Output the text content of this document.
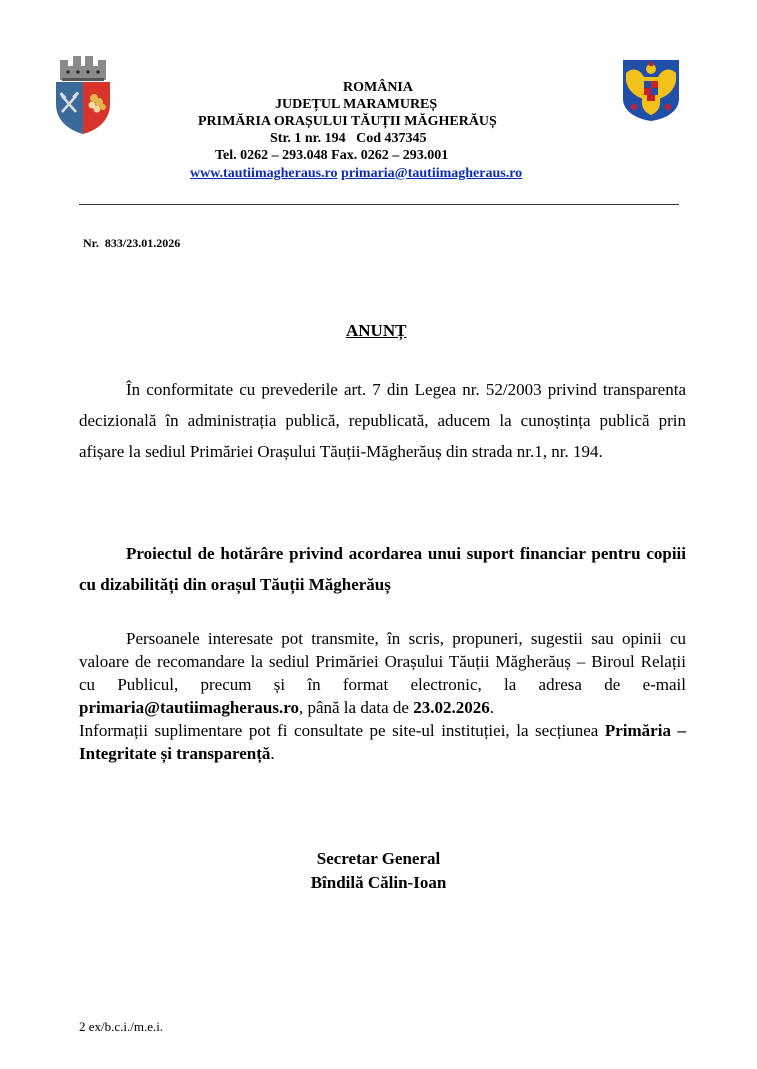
ROMÂNIA
JUDEȚUL MARAMUREȘ
PRIMĂRIA ORAȘULUI TĂUȚII MĂGHERĂUȘ
Str. 1 nr. 194   Cod 437345
Tel. 0262 – 293.048 Fax. 0262 – 293.001
www.tautiimagheraus.ro primaria@tautiimagheraus.ro
Nr.  833/23.01.2026
ANUNȚ
În conformitate cu prevederile art. 7 din Legea nr. 52/2003 privind transparenta decizională în administrația publică, republicată, aducem la cunoștința publică prin afișare la sediul Primăriei Orașului Tăuții-Măgherăuș din strada nr.1, nr. 194.
Proiectul de hotărâre privind acordarea unui suport financiar pentru copiii cu dizabilități din orașul Tăuții Măgherăuș
Persoanele interesate pot transmite, în scris, propuneri, sugestii sau opinii cu valoare de recomandare la sediul Primăriei Orașului Tăuții Măgherăuș – Biroul Relații cu Publicul, precum și în format electronic, la adresa de e-mail primaria@tautiimagheraus.ro, până la data de 23.02.2026.
Informații suplimentare pot fi consultate pe site-ul instituției, la secțiunea Primăria – Integritate și transparență.
Secretar General
Bîndilă Călin-Ioan
2 ex/b.c.i./m.e.i.
